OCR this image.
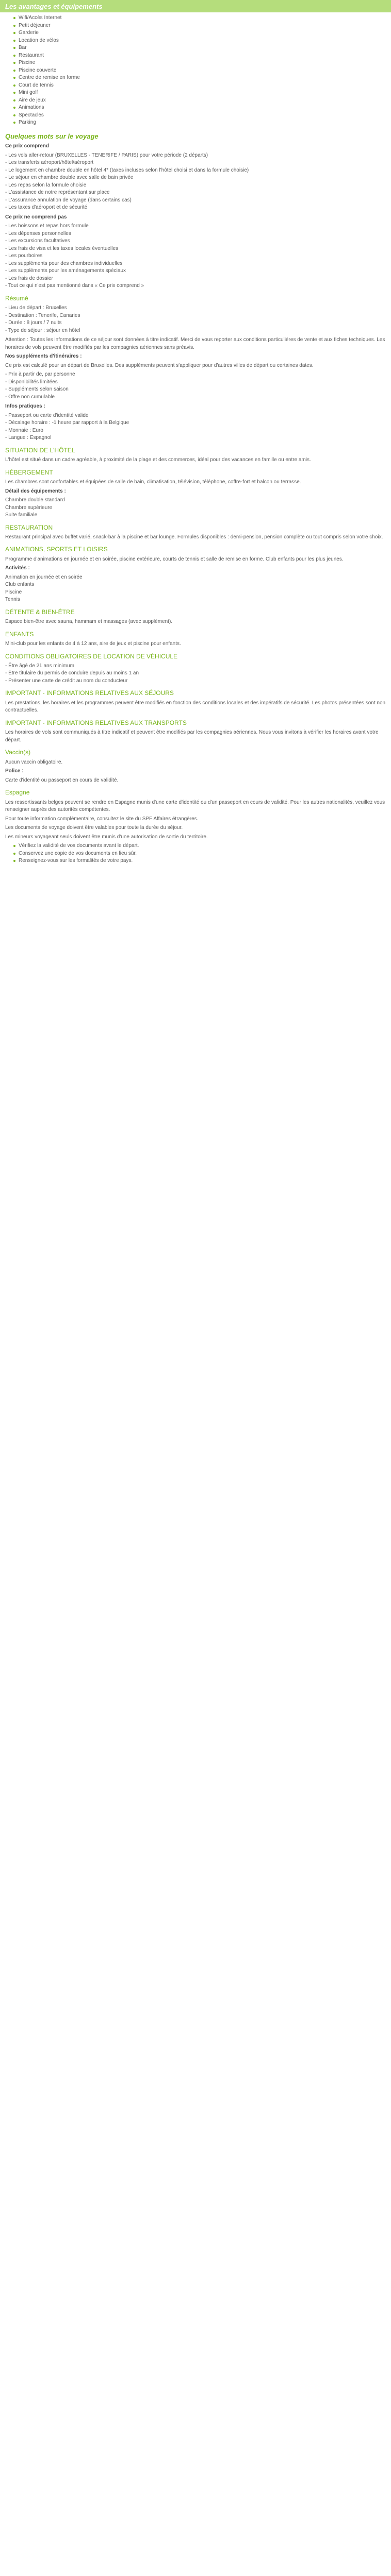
Les avantages et équipements
Wifi/Accès Internet
Petit déjeuner
Garderie
Location de vélos
Bar
Restaurant
Piscine
Piscine couverte
Centre de remise en forme
Court de tennis
Mini golf
Aire de jeux
Animations
Spectacles
Parking
Quelques mots sur le voyage

Ce prix comprend

- Les vols aller-retour (BRUXELLES - TENERIFE / PARIS) pour votre période (2 départs)
- Les transferts aéroport/hôtel/aéroport
- Le logement en chambre double en hôtel 4* (taxes incluses selon l'hôtel choisi et dans la formule choisie)
- Le séjour en chambre double avec salle de bain privée
- Les repas selon la formule choisie
- L'assistance de notre représentant sur place
- L'assurance annulation de voyage (dans certains cas)
- Les taxes d'aéroport et de sécurité

Ce prix ne comprend pas

- Les boissons et repas hors formule
- Les dépenses personnelles
- Les excursions facultatives
- Les frais de visa et les taxes locales éventuelles
- Les pourboires
- Les suppléments pour des chambres individuelles
- Les suppléments pour les aménagements spéciaux
- Les frais de dossier
- Tout ce qui n'est pas mentionné dans « Ce prix comprend »
Résumé
- Lieu de départ : Bruxelles
- Destination : Tenerife, Canaries
- Durée : 8 jours / 7 nuits
- Type de séjour : séjour en hôtel

Attention : Toutes les informations de ce séjour sont données à titre indicatif. Merci de vous reporter aux conditions particulières de vente et aux fiches techniques. Les horaires de vols peuvent être modifiés par les compagnies aériennes sans préavis.

Nos suppléments d'itinéraires :

Ce prix est calculé pour un départ de Bruxelles. Des suppléments peuvent s'appliquer pour d'autres villes de départ ou certaines dates.

- Prix à partir de, par personne
- Disponibilités limitées
- Suppléments selon saison
- Offre non cumulable

Infos pratiques :

- Passeport ou carte d'identité valide
- Décalage horaire : -1 heure par rapport à la Belgique
- Monnaie : Euro
- Langue : Espagnol
SITUATION DE L'HÔTEL

L'hôtel est situé dans un cadre agréable, à proximité de la plage et des commerces, idéal pour des vacances en famille ou entre amis.

HÉBERGEMENT

Les chambres sont confortables et équipées de salle de bain, climatisation, télévision, téléphone, coffre-fort et balcon ou terrasse.

Détail des équipements :

Chambre double standard
Chambre supérieure
Suite familiale
RESTAURATION

Restaurant principal avec buffet varié, snack-bar à la piscine et bar lounge. Formules disponibles : demi-pension, pension complète ou tout compris selon votre choix.

ANIMATIONS, SPORTS ET LOISIRS

Programme d'animations en journée et en soirée, piscine extérieure, courts de tennis et salle de remise en forme. Club enfants pour les plus jeunes.

Activités :

Animation en journée et en soirée
Club enfants
Piscine
Tennis
DÉTENTE & BIEN-ÊTRE

Espace bien-être avec sauna, hammam et massages (avec supplément).

ENFANTS

Mini-club pour les enfants de 4 à 12 ans, aire de jeux et piscine pour enfants.

CONDITIONS OBLIGATOIRES DE LOCATION DE VÉHICULE
- Être âgé de 21 ans minimum
- Être titulaire du permis de conduire depuis au moins 1 an
- Présenter une carte de crédit au nom du conducteur
IMPORTANT - INFORMATIONS RELATIVES AUX SÉJOURS

Les prestations, les horaires et les programmes peuvent être modifiés en fonction des conditions locales et des impératifs de sécurité. Les photos présentées sont non contractuelles.

IMPORTANT - INFORMATIONS RELATIVES AUX TRANSPORTS

Les horaires de vols sont communiqués à titre indicatif et peuvent être modifiés par les compagnies aériennes. Nous vous invitons à vérifier les horaires avant votre départ.

Vaccin(s)

Aucun vaccin obligatoire.

Police :

Carte d'identité ou passeport en cours de validité.

Espagne

Les ressortissants belges peuvent se rendre en Espagne munis d'une carte d'identité ou d'un passeport en cours de validité. Pour les autres nationalités, veuillez vous renseigner auprès des autorités compétentes.

Pour toute information complémentaire, consultez le site du SPF Affaires étrangères.

Les documents de voyage doivent être valables pour toute la durée du séjour.

Les mineurs voyageant seuls doivent être munis d'une autorisation de sortie du territoire.

Vérifiez la validité de vos documents avant le départ.
Conservez une copie de vos documents en lieu sûr.
Renseignez-vous sur les formalités de votre pays.
